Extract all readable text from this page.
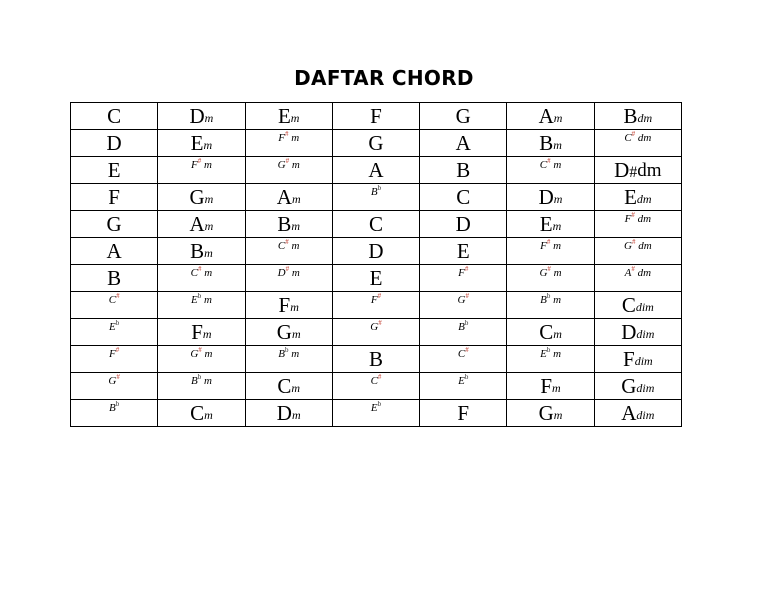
DAFTAR CHORD
C	Dm	Em	F	G	Am	Bdm
D	Em	F# m	G	A	Bm	C# dm
E	F# m	G# m	A	B	C# m	D#dm
F	Gm	Am	$B^b$	C	Dm	Edm
G	Am	Bm	C	D	Em	F# dm
A	Bm	C# m	D	E	F# m	G# dm
B	C# m	D# m	E	F#	G# m	A# dm
C#	$E^b$ m	Fm	F#	G#	$B^b$ m	Cdim
$E^b$	Fm	Gm	G#	$B^b$	Cm	Ddim
F#	G# m	$B^b$ m	B	C#	$E^b$ m	Fdim
G#	$B^b$ m	Cm	C#	$E^b$	Fm	Gdim
$B^b$	Cm	Dm	$E^b$	F	Gm	Adim
